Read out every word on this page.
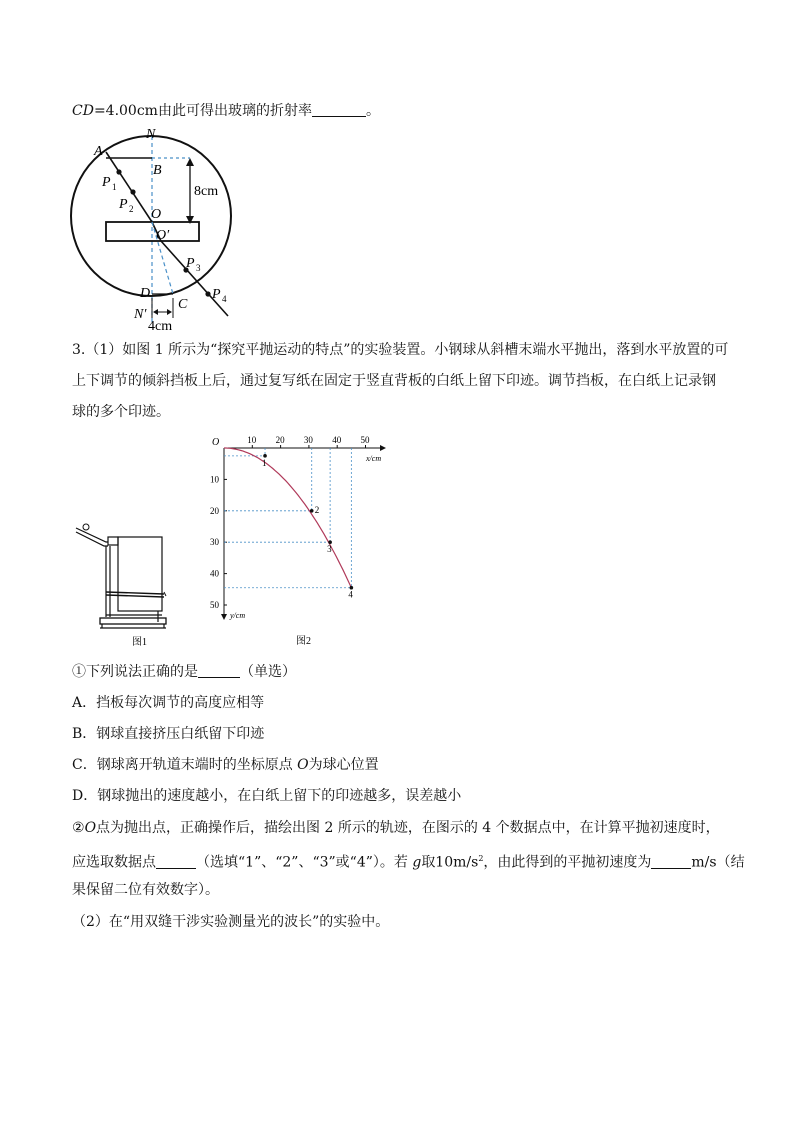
CD=4.00cm由此可得出玻璃的折射率	。
N
A
B
8cm
P 1
P 2 O
O′
P 3
P 4
D
C
N′
4cm
3.（1）如图 1 所示为“探究平抛运动的特点”的实验装置。小钢球从斜槽末端水平抛出，落到水平放置的可
上下调节的倾斜挡板上后，通过复写纸在固定于竖直背板的白纸上留下印迹。调节挡板，在白纸上记录钢
球的多个印迹。
图1
O
x/cm
y/cm
图2
10 20 30 40 50
10
20
30
40
50
1
2
3
4
①下列说法正确的是	（单选）
A．挡板每次调节的高度应相等
B．钢球直接挤压白纸留下印迹
C．钢球离开轨道末端时的坐标原点 O为球心位置
D．钢球抛出的速度越小，在白纸上留下的印迹越多，误差越小
②O点为抛出点，正确操作后，描绘出图 2 所示的轨迹，在图示的 4 个数据点中，在计算平抛初速度时，
应选取数据点	（选填“1”、“2”、“3”或“4”）。若 g取$10m/s^2$，由此得到的平抛初速度为	m/s（结
果保留二位有效数字）。
（2）在“用双缝干涉实验测量光的波长”的实验中。
